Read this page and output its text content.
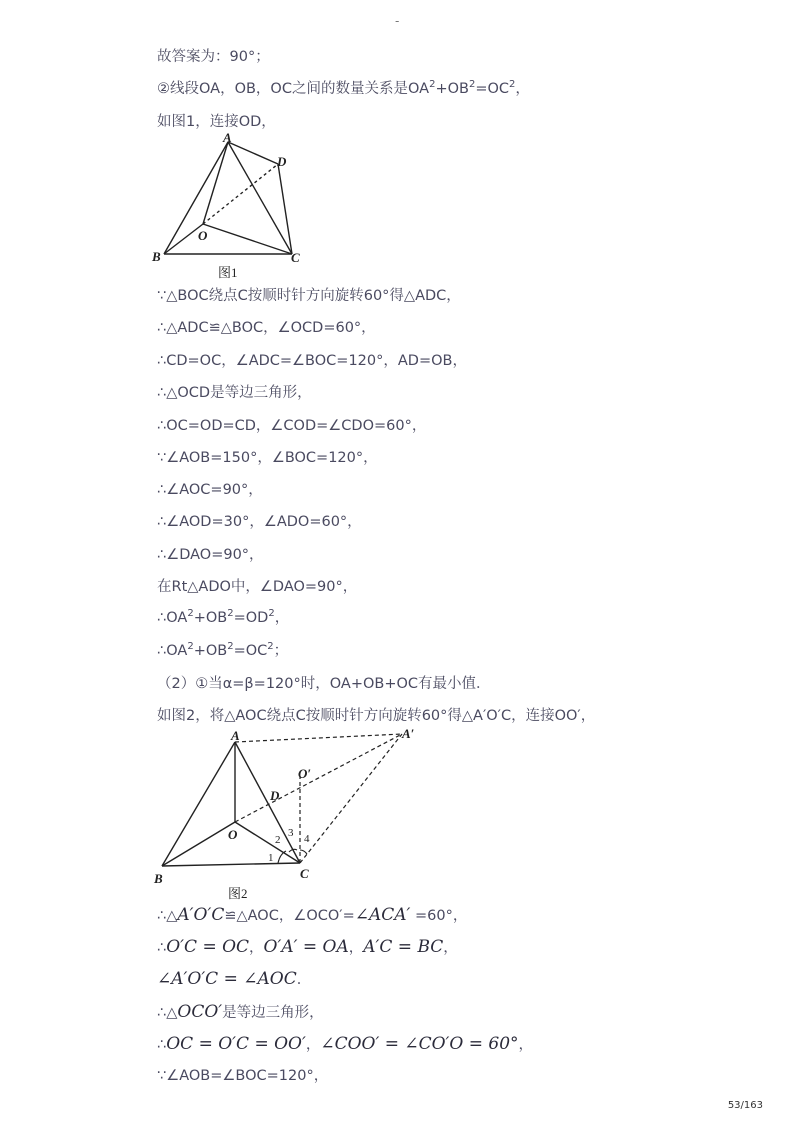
-
故答案为：90°；
②线段OA，OB，OC之间的数量关系是$OA^2+OB^2=OC^2$，
如图1，连接OD，
A
B	C
D
O
图1
∵△BOC绕点C按顺时针方向旋转60°得△ADC，
∴△ADC≌△BOC，∠OCD=60°，
∴CD=OC，∠ADC=∠BOC=120°，AD=OB，
∴△OCD是等边三角形，
∴OC=OD=CD，∠COD=∠CDO=60°，
∵∠AOB=150°，∠BOC=120°，
∴∠AOC=90°，
∴∠AOD=30°，∠ADO=60°，
∴∠DAO=90°，
在Rt△ADO中，∠DAO=90°，
$\therefore OA^2+OB^2=OD^2$，
$\therefore OA^2+OB^2=OC^2$；
（2）①当α=β=120°时，OA+OB+OC有最小值．
如图2，将△AOC绕点C按顺时针方向旋转60°得△A′O′C，连接OO′，
A
B	C
D
O
O′
A′
1
2
3 4
图2
∴△A′O′C≌△AOC，∠OCO′=∠ACA′ =60°，
∴O′C = OC，O′A′ = OA，A′C = BC，
∠A′O′C = ∠AOC．
∴△OCO′是等边三角形，
∴OC = O′C = OO′，∠COO′ = ∠CO′O = 60°，
∵∠AOB=∠BOC=120°，
53/163
